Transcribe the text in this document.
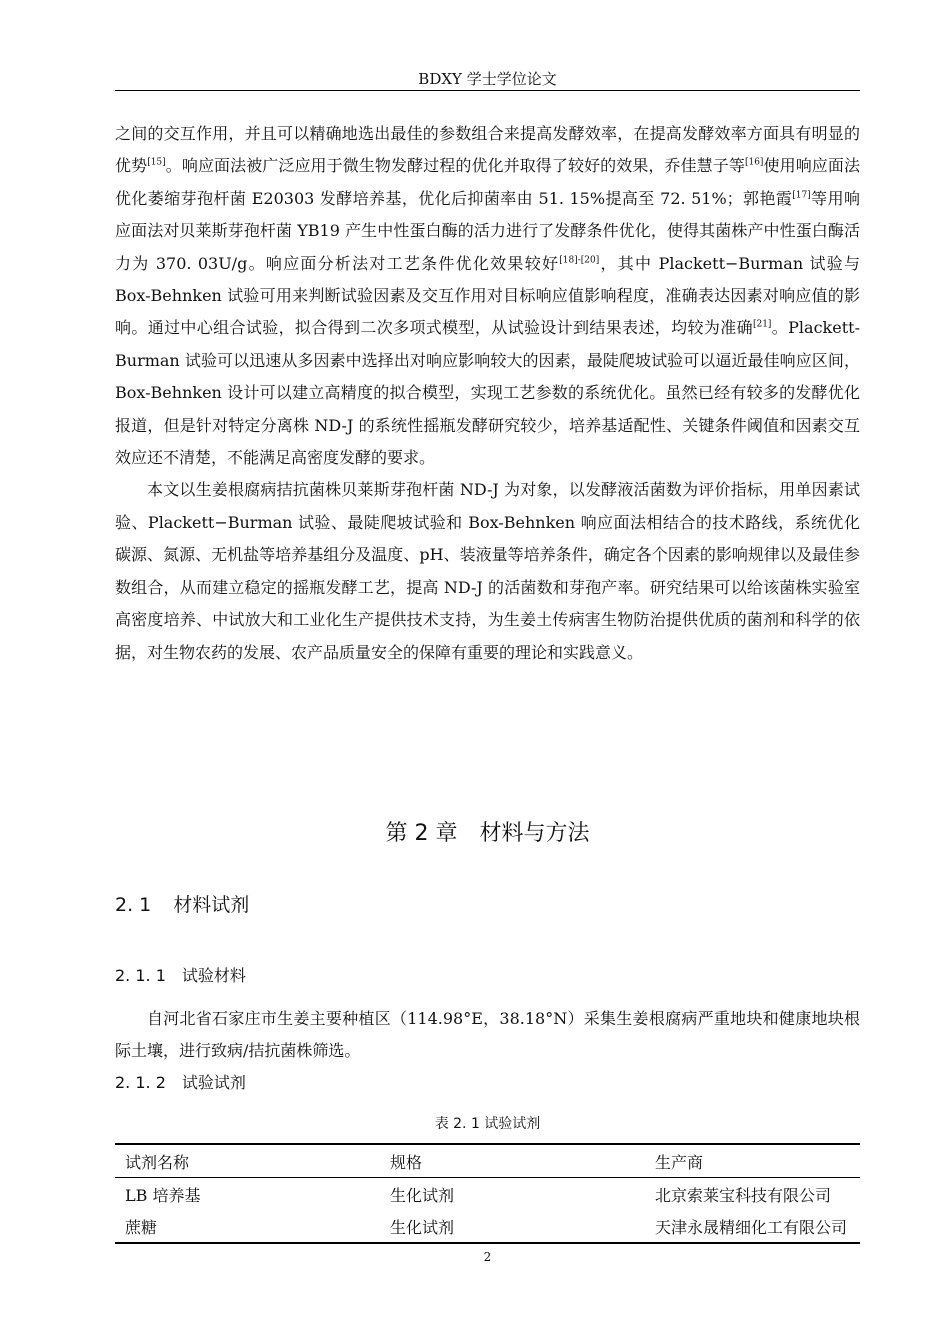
BDXY 学士学位论文

之间的交互作用，并且可以精确地选出最佳的参数组合来提高发酵效率，在提高发酵效率方面具有明显的优势[15]。响应面法被广泛应用于微生物发酵过程的优化并取得了较好的效果，乔佳慧子等[16]使用响应面法优化萎缩芽孢杆菌 E20303 发酵培养基，优化后抑菌率由 51. 15%提高至 72. 51%；郭艳霞[17]等用响应面法对贝莱斯芽孢杆菌 YB19 产生中性蛋白酶的活力进行了发酵条件优化，使得其菌株产中性蛋白酶活力为 370. 03U/g。响应面分析法对工艺条件优化效果较好[18]-[20]，其中 Plackett−Burman 试验与 Box-Behnken 试验可用来判断试验因素及交互作用对目标响应值影响程度，准确表达因素对响应值的影响。通过中心组合试验，拟合得到二次多项式模型，从试验设计到结果表述，均较为准确[21]。Plackett-Burman 试验可以迅速从多因素中选择出对响应影响较大的因素，最陡爬坡试验可以逼近最佳响应区间，Box-Behnken 设计可以建立高精度的拟合模型，实现工艺参数的系统优化。虽然已经有较多的发酵优化报道，但是针对特定分离株 ND-J 的系统性摇瓶发酵研究较少，培养基适配性、关键条件阈值和因素交互效应还不清楚，不能满足高密度发酵的要求。

本文以生姜根腐病拮抗菌株贝莱斯芽孢杆菌 ND-J 为对象，以发酵液活菌数为评价指标，用单因素试验、Plackett−Burman 试验、最陡爬坡试验和 Box-Behnken 响应面法相结合的技术路线，系统优化碳源、氮源、无机盐等培养基组分及温度、pH、装液量等培养条件，确定各个因素的影响规律以及最佳参数组合，从而建立稳定的摇瓶发酵工艺，提高 ND-J 的活菌数和芽孢产率。研究结果可以给该菌株实验室高密度培养、中试放大和工业化生产提供技术支持，为生姜土传病害生物防治提供优质的菌剂和科学的依据，对生物农药的发展、农产品质量安全的保障有重要的理论和实践意义。

第 2 章 材料与方法
2. 1 材料试剂
2. 1. 1 试验材料

自河北省石家庄市生姜主要种植区（114.98°E，38.18°N）采集生姜根腐病严重地块和健康地块根际土壤，进行致病/拮抗菌株筛选。

2. 1. 2 试验试剂
表 2. 1 试验试剂
试剂名称	规格	生产商
LB 培养基	生化试剂	北京索莱宝科技有限公司
蔗糖	生化试剂	天津永晟精细化工有限公司
2
